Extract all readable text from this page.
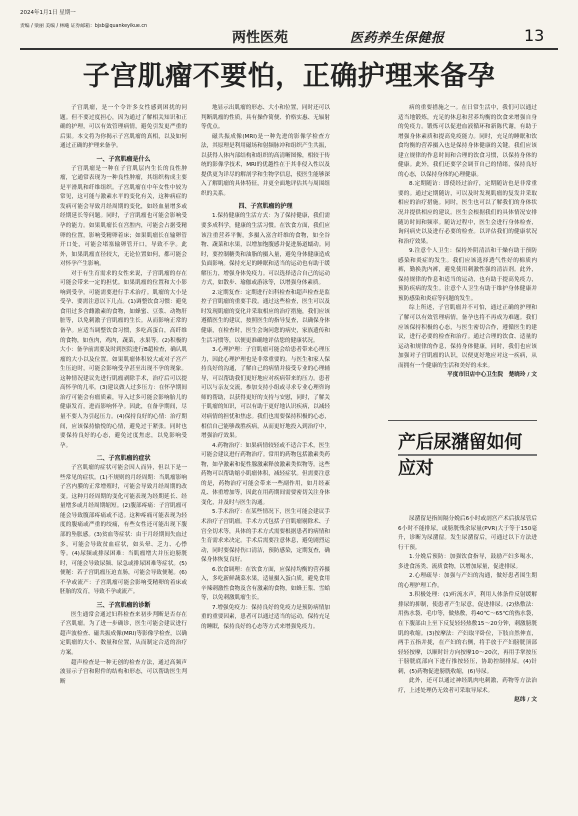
2024年1月1日 星期一
责编 / 梁丽 美编 / 林飚 证券邮箱：bjsb@quankeyikue.cn
两性医苑	医药养生保健报	13
子宫肌瘤不要怕，正确护理来备孕

子宫肌瘤，是一个令许多女性感到困扰的问题。但不要过度担心，因为通过了解相关知识和正确的护理，可以有效管理病情，避免引发更严重的后果。本文将为你揭示子宫肌瘤的真相，以及如何通过正确的护理来备孕。

一、子宫肌瘤是什么

子宫肌瘤是一种在子宫肌层内生长的良性肿瘤，它通常表现为一种良性肿瘤，其组织构成主要是平滑肌和纤维组织。子宫肌瘤在中年女性中较为常见，这可能与激素水平的变化有关，这种病症的发病可能会导致月经周期的变化，如经血量增多或经期延长等问题。同时，子宫肌瘤也可能会影响受孕的能力。如果肌瘤长在宫腔内，可能会占据受精卵的位置，影响受精卵着床；如果肌瘤长在输卵管开口处，可能会堵塞输卵管开口，导致不孕。此外，如果肌瘤直径较大，无论位置如何，都可能会对怀孕产生影响。

对于有生育需求的女性来说，子宫肌瘤的存在可能会带来一定的担忧。如果肌瘤的位置和大小影响到受孕，可能需要进行手术治疗。肌瘤的大小是受孕、要需注意以下几点。(1)调整饮食习惯：避免食用过多含雌激素的食物，如蜂蜜、豆浆、动物肝脏等，以免刺激子宫肌瘤的生长。从而影响正常的备孕。应适当调整饮食习惯，多吃高蛋白，高纤维的食物，如鱼肉，鸡肉，蔬菜，水果等。(2)积极的大小：备孕前需要及时到医院进行B超检查，确认肌瘤的大小以及位置。如果肌瘤体积较大或对子宫产生压迫时，可能会影响受孕甚至出现不孕的现象。这种情况建议先进行肌瘤剥除手术，治疗后可以提高怀孕的几率。(3)建议做人过多压力：在怀孕期间治疗可能会有瘤质素，导入过多可能会影响胎儿的健康发育，进而影响怀孕。因此，在备孕期间，尽量不要人为引起压力。(4)保持良好的心情：治疗期间，应该保持愉悦的心情，避免过于紧张。同时也要保持良好的心态，避免过度焦虑，以免影响受孕。

二、子宫肌瘤的症状

子宫肌瘤的症状可能会因人而异，但以下是一些常见的症状。(1)不规则的月经周期：当肌瘤影响子宫内膜的正常增殖时，可能会导致月经周期的改变。这种月经周期的变化可能表现为经期延长、经量增多或月经周期缩短。(2)腹部疼痛：子宫肌瘤可能会导致腹部疼痛或不适。这种疼痛可能表现为轻度的腹痛或严重的绞痛，有些女性还可能出现下腹部的坠胀感。(3)贫血等症状：由于月经期间失血过多，可能会导致贫血症状，如头晕、乏力、心悸等。(4)尿频或排尿困难：当肌瘤增大并压迫膀胱时，可能会导致尿频、尿急或排尿困难等症状。(5)便秘：若子宫肌瘤压迫直肠，可能会导致便秘。(6)不孕或流产：子宫肌瘤可能会影响受精卵的着床或胚胎的发育，导致不孕或流产。

三、子宫肌瘤的诊断

医生通常会通过妇科检查来初步判断是否存在子宫肌瘤。为了进一步确诊，医生可能会建议进行超声波检查、磁共振成像(MRI)等影像学检查，以确定肌瘤的大小、数量和位置，从而制定合适的治疗方案。

超声检查是一种无创的检查方法，通过高频声波显示子宫和附件的结构和形态，可以帮助医生判断

地显示出肌瘤的形态、大小和位置，同时还可以判断肌瘤的性质，具有操作简便、价格实惠、无辐射等优点。

磁共振成像(MRI)是一种先进的影像学检查方法，其原理是利用磁场和射频脉冲和组织产生共振，以获得人体内部结构和组织的高清晰图像，相较于传统的影像学技术，MRI的优越性在于其非侵入性以及提供更为详尽的解剖学和生物学信息，使医生能够深入了解肌瘤的具体特征，并更全面地评估其与周围组织的关系。

四、子宫肌瘤的护理

1.保持健康的生活方式：为了保持健康，我们需要多成科学，健康的生活习惯。在饮食方面，我们应该注重营养平衡，多摄入富含纤维的食物，如全谷物、蔬菜和水果，以增加饱腹感并促进肠道蠕动。同时，要控制糖类和油脂的摄入量，避免身体健康造成负面影响。保持充足的睡眠和适当的运动也有助于缓解压力，增强身体免疫力。可以选择适合自己的运动方式，如散步、瑜伽或游泳等，以增强身体素质。

2.定期复查：定期进行妇科检查和超声检查是监控子宫肌瘤的重要手段。通过这些检查，医生可以及时发现肌瘤的变化并采取相应的治疗措施，我们应该遵循医生的建议，按照医生的指导复查，以确保身体健康，在检查时，医生会询问您的病史，家族遗传和生活习惯等，以便更准确地评估您的健康状况。

3.心理护理：子宫肌瘤可能会给患者带来心理压力，因此心理护理也是非常重要的。与医生和家人保持良好的沟通，了解自己的病情并接受专业的心理辅导，可以帮助我们更好地应对疾病带来的压力。患者可以与亲友交流，参加支持小组或寻求专业心理咨询师的帮助，以获得更好的支持与安慰，同时，了解关于肌瘤的知识，可以有助于更好地认识疾病，以减轻对病情的担忧和焦虑。我们也需要保持积极的心态，相信自己能够战胜疾病，从而更好地投入到治疗中，增强治疗效果。

4.药物治疗：如果病情较轻或不适合手术，医生可能会建议进行药物治疗。常用的药物包括激素类药物，如孕激素和促性腺激素释放激素类似物等。这些药物可以帮助缩小肌瘤体积，减轻症状。但需要注意的是，药物治疗可能会带来一些副作用，如月经紊乱、体重增加等，因此在用药期间需要密切关注身体变化，并及时与医生沟通。

5.手术治疗：在某些情况下，医生可能会建议手术治疗子宫肌瘤。手术方式包括子宫肌瘤剔除术、子宫全切术等，具体的手术方式需要根据患者的病情和生育需求来决定。手术后需要注意休息，避免剧烈运动，同时要保持伤口清洁，预防感染，定期复查，确保身体恢复良好。

6.饮食调理：在饮食方面，应保持均衡的营养摄入，多吃新鲜蔬菜水果，适量摄入蛋白质，避免食用辛辣刺激性食物及含有激素的食物，如蜂王浆、雪蛤等，以免刺激肌瘤生长。

7.增强免疫力：保持良好的免疫力是预防病情加重的重要因素，患者可以通过适当的运动，保持充足的睡眠，保持良好的心态等方式来增强免疫力。

病的重要措施之一。在日常生活中，我们可以通过适当地锻炼，充足的休息和营养均衡的饮食来增强自身的免疫力。锻炼可以促进血液循环和新陈代谢，有助于增强身体素质和提高免疫能力。同时，充足的睡眠和饮食均衡的营养摄入也是保持身体健康的关键。我们应该建立规律的作息时间和合理的饮食习惯，以保持身体的健康。此外，我们还要学会调节自己的情绪，保持良好的心态，以保持身体的心理健康。

8.定期随访：即使经过治疗，定期随访也是非常重要的。通过定期随访，可以及时发现肌瘤的复发并采取相应的治疗措施。同时，医生也可以了解我们的身体状况并提供相应的建议。医生会根据我们的具体情况安排随访时间和频率。随访过程中，医生会进行身体检查，询问病史以及进行必要的检查。以评估我们的健康状况和治疗效果。

9.注意个人卫生：保持外阴清洁和干燥有助于预防感染和炎症的发生。我们应该选择透气性好的棉质内裤，勤换洗内裤，避免使用刺激性强的清洁剂。此外，保持规律的作息和适当的运动，也有助于提高免疫力，预防疾病的发生。注意个人卫生有助于维护身体健康并预防感染和炎症等问题的发生。

综上所述，子宫肌瘤并不可怕，通过正确的护理和了解可以有效管理病情，备孕也将不再成为难题。我们应该保持积极的心态，与医生密切合作，遵循医生的建议，进行必要的检查和治疗。通过合理的饮食、适量的运动和规律的作息，保持身体健康，同时，我们也应该加强对子宫肌瘤的认识，以便更好地应对这一疾病，从而拥有一个健康的生活和美好的未来。

平度市旧店中心卫生院　楚晓玲 / 文

产后尿潴留如何应对

尿潴留是指间隔分娩后6小时或剖宫产术后拔尿管后6小时不能排尿，或膀胱残余尿量(PVR)大于等于150毫升，诊断为尿潴留。发生尿潴留后，可通过以下方法进行干预。

1.分娩后预防：加强饮食指导，鼓励产妇多喝水，多进食汤类、流质食物，以增加尿量，促进排尿。

2.心理疏导：加强与产妇的沟通，做好患者围生期的心理护理工作。

3.积极处理：(1)听流水声，利用人体条件反射缓解排尿的抑制，使患者产生尿意，促进排尿。(2)热敷法：用热水袋、毛巾等，做热敷，将40℃～65℃的热水袋，在下腹部由上至下反复轻轻热敷15～20分钟，刺激膀胱肌的收缩。(3)按摩法：产妇取平卧位，下肢自然伸直，两手五指并拢，在产妇的右侧，将手放于产妇膀胱顶部轻轻按摩，以顺时针方向按摩10～20次，再用手掌按压于膀胱底部向下进行推按轻压，协助控制排尿。(4)针刺，(5)药物促进膀胱收缩，(6)导尿。

此外，还可以通过神经肌肉电刺激，药物等方法治疗，上述处理仍无效者可采取导尿术。

赵纬 / 文
